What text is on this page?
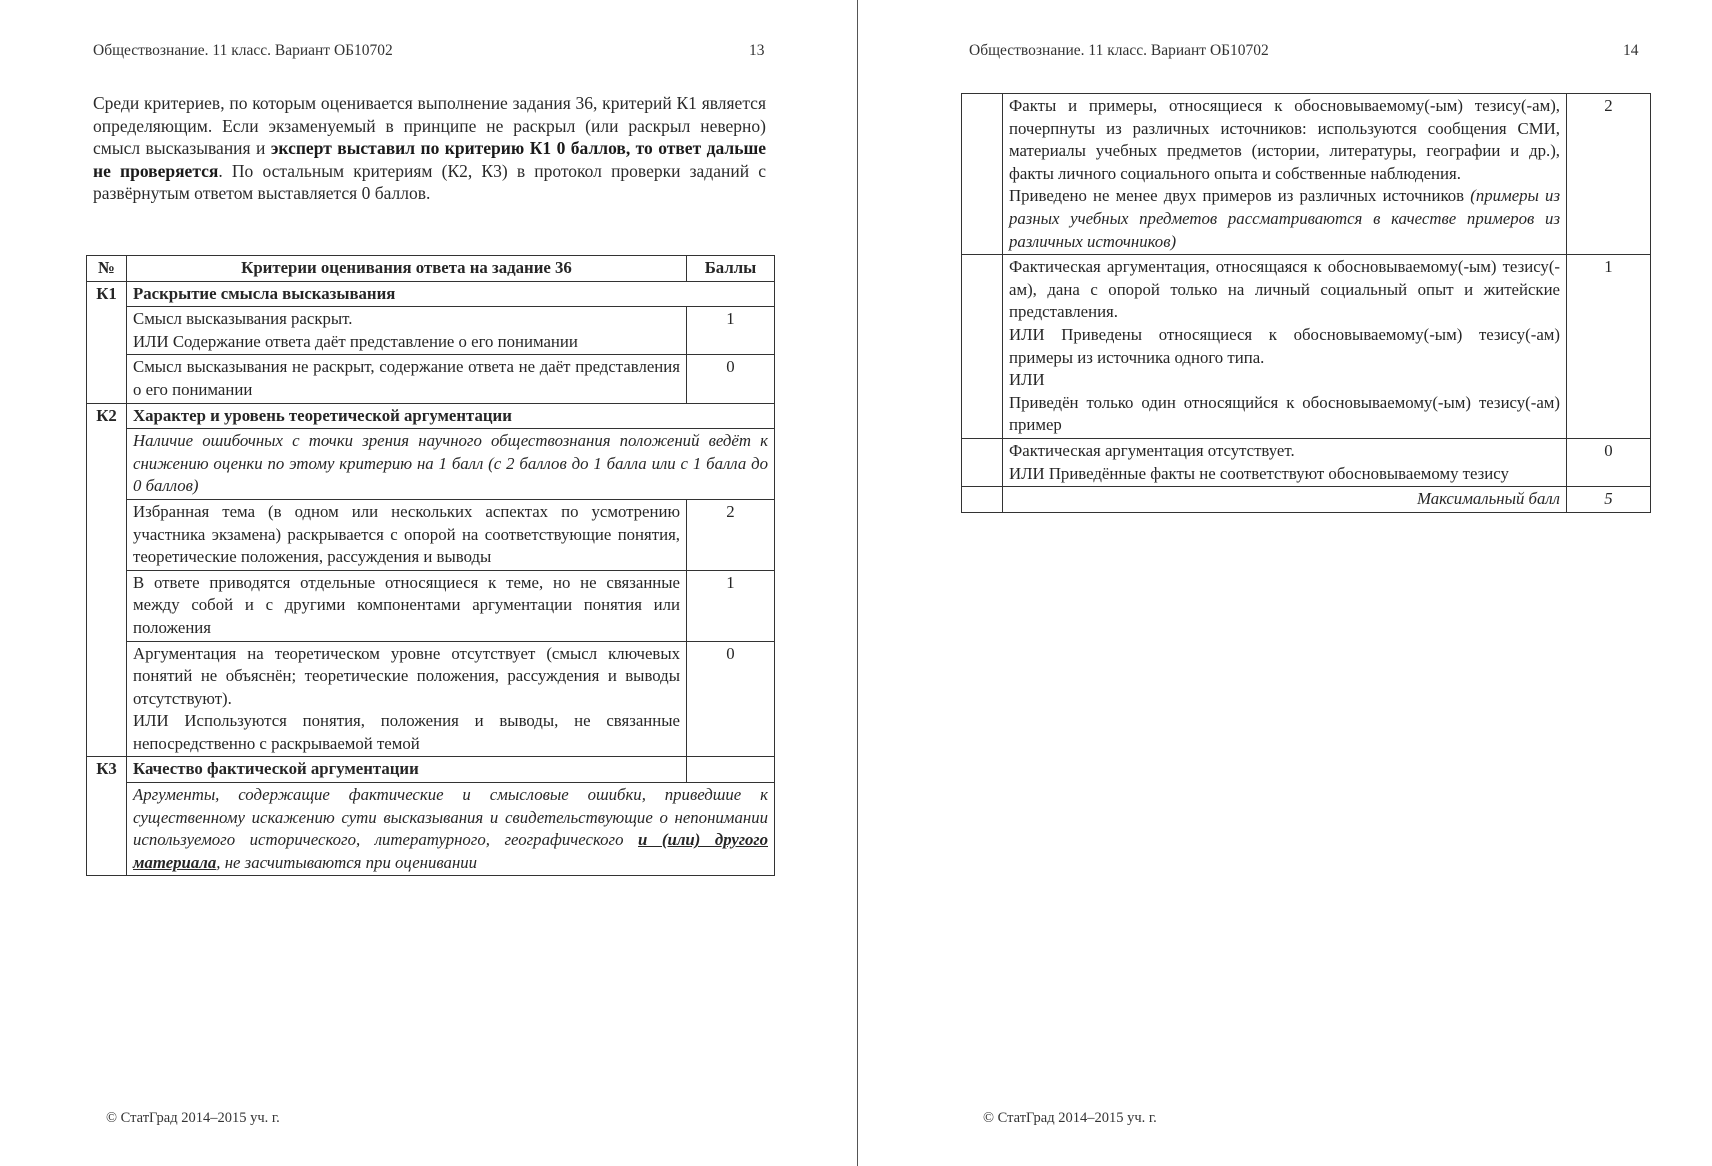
Обществознание. 11 класс. Вариант ОБ10702	13
Среди критериев, по которым оценивается выполнение задания 36, критерий К1 является определяющим. Если экзаменуемый в принципе не раскрыл (или раскрыл неверно) смысл высказывания и эксперт выставил по критерию К1 0 баллов, то ответ дальше не проверяется. По остальным критериям (К2, К3) в протокол проверки заданий с развёрнутым ответом выставляется 0 баллов.
№	Критерии оценивания ответа на задание 36	Баллы
К1	Раскрытие смысла высказывания	

	Смысл высказывания раскрыт.
ИЛИ Содержание ответа даёт представление о его понимании	1
	Смысл высказывания не раскрыт, содержание ответа не даёт представления о его понимании	0
К2	Характер и уровень теоретической аргументации	
	Наличие ошибочных с точки зрения научного обществознания положений ведёт к снижению оценки по этому критерию на 1 балл (с 2 баллов до 1 балла или с 1 балла до 0 баллов)	
	Избранная тема (в одном или нескольких аспектах по усмотрению участника экзамена) раскрывается с опорой на соответствующие понятия, теоретические положения, рассуждения и выводы	2
	В ответе приводятся отдельные относящиеся к теме, но не связанные между собой и с другими компонентами аргументации понятия или положения	1

	Аргументация на теоретическом уровне отсутствует (смысл ключевых понятий не объяснён; теоретические положения, рассуждения и выводы отсутствуют).
ИЛИ Используются понятия, положения и выводы, не связанные непосредственно с раскрываемой темой	0
К3	Качество фактической аргументации	
	Аргументы, содержащие фактические и смысловые ошибки, приведшие к существенному искажению сути высказывания и свидетельствующие о непонимании используемого исторического, литературного, географического и (или) другого материала, не засчитываются при оценивании	
© СтатГрад 2014–2015 уч. г.
Обществознание. 11 класс. Вариант ОБ10702	14

	Факты и примеры, относящиеся к обосновываемому(-ым) тезису(-ам), почерпнуты из различных источников: используются сообщения СМИ, материалы учебных предметов (истории, литературы, географии и др.), факты личного социального опыта и собственные наблюдения.
Приведено не менее двух примеров из различных источников (примеры из разных учебных предметов рассматриваются в качестве примеров из различных источников)	2

	Фактическая аргументация, относящаяся к обосновываемому(-ым) тезису(-ам), дана с опорой только на личный социальный опыт и житейские представления.
ИЛИ Приведены относящиеся к обосновываемому(-ым) тезису(-ам) примеры из источника одного типа.
ИЛИ
Приведён только один относящийся к обосновываемому(-ым) тезису(-ам) пример	1

	Фактическая аргументация отсутствует.
ИЛИ Приведённые факты не соответствуют обосновываемому тезису	0
	Максимальный балл	5
© СтатГрад 2014–2015 уч. г.
